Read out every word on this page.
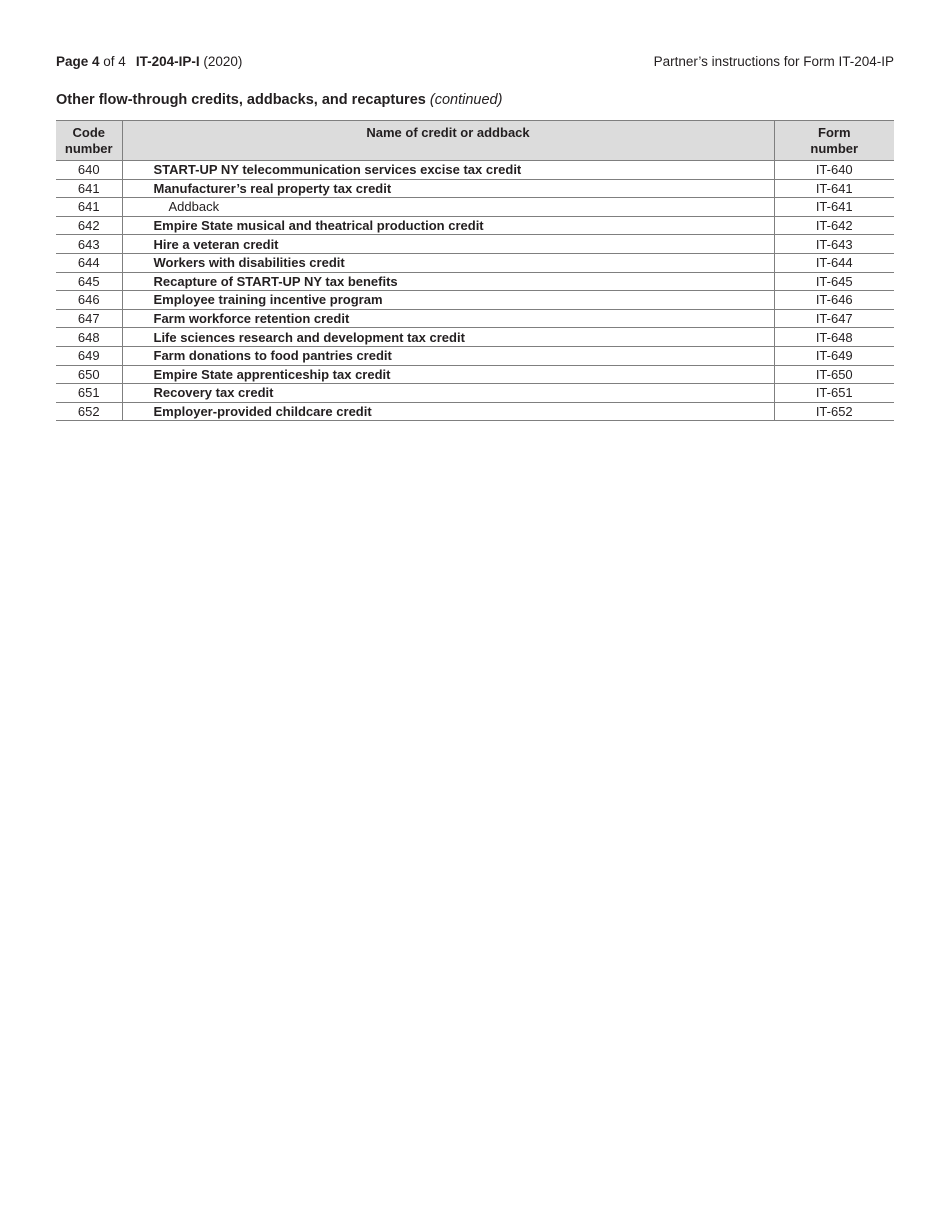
Page 4 of 4 IT-204-IP-I (2020)	Partner’s instructions for Form IT-204-IP
Other flow-through credits, addbacks, and recaptures (continued)
Code
number	Name of credit or addback	Form
number
640	START-UP NY telecommunication services excise tax credit	IT-640
641	Manufacturer’s real property tax credit	IT-641
641	Addback	IT-641
642	Empire State musical and theatrical production credit	IT-642
643	Hire a veteran credit	IT-643
644	Workers with disabilities credit	IT-644
645	Recapture of START-UP NY tax benefits	IT-645
646	Employee training incentive program	IT-646
647	Farm workforce retention credit	IT-647
648	Life sciences research and development tax credit	IT-648
649	Farm donations to food pantries credit	IT-649
650	Empire State apprenticeship tax credit	IT-650
651	Recovery tax credit	IT-651
652	Employer-provided childcare credit	IT-652
